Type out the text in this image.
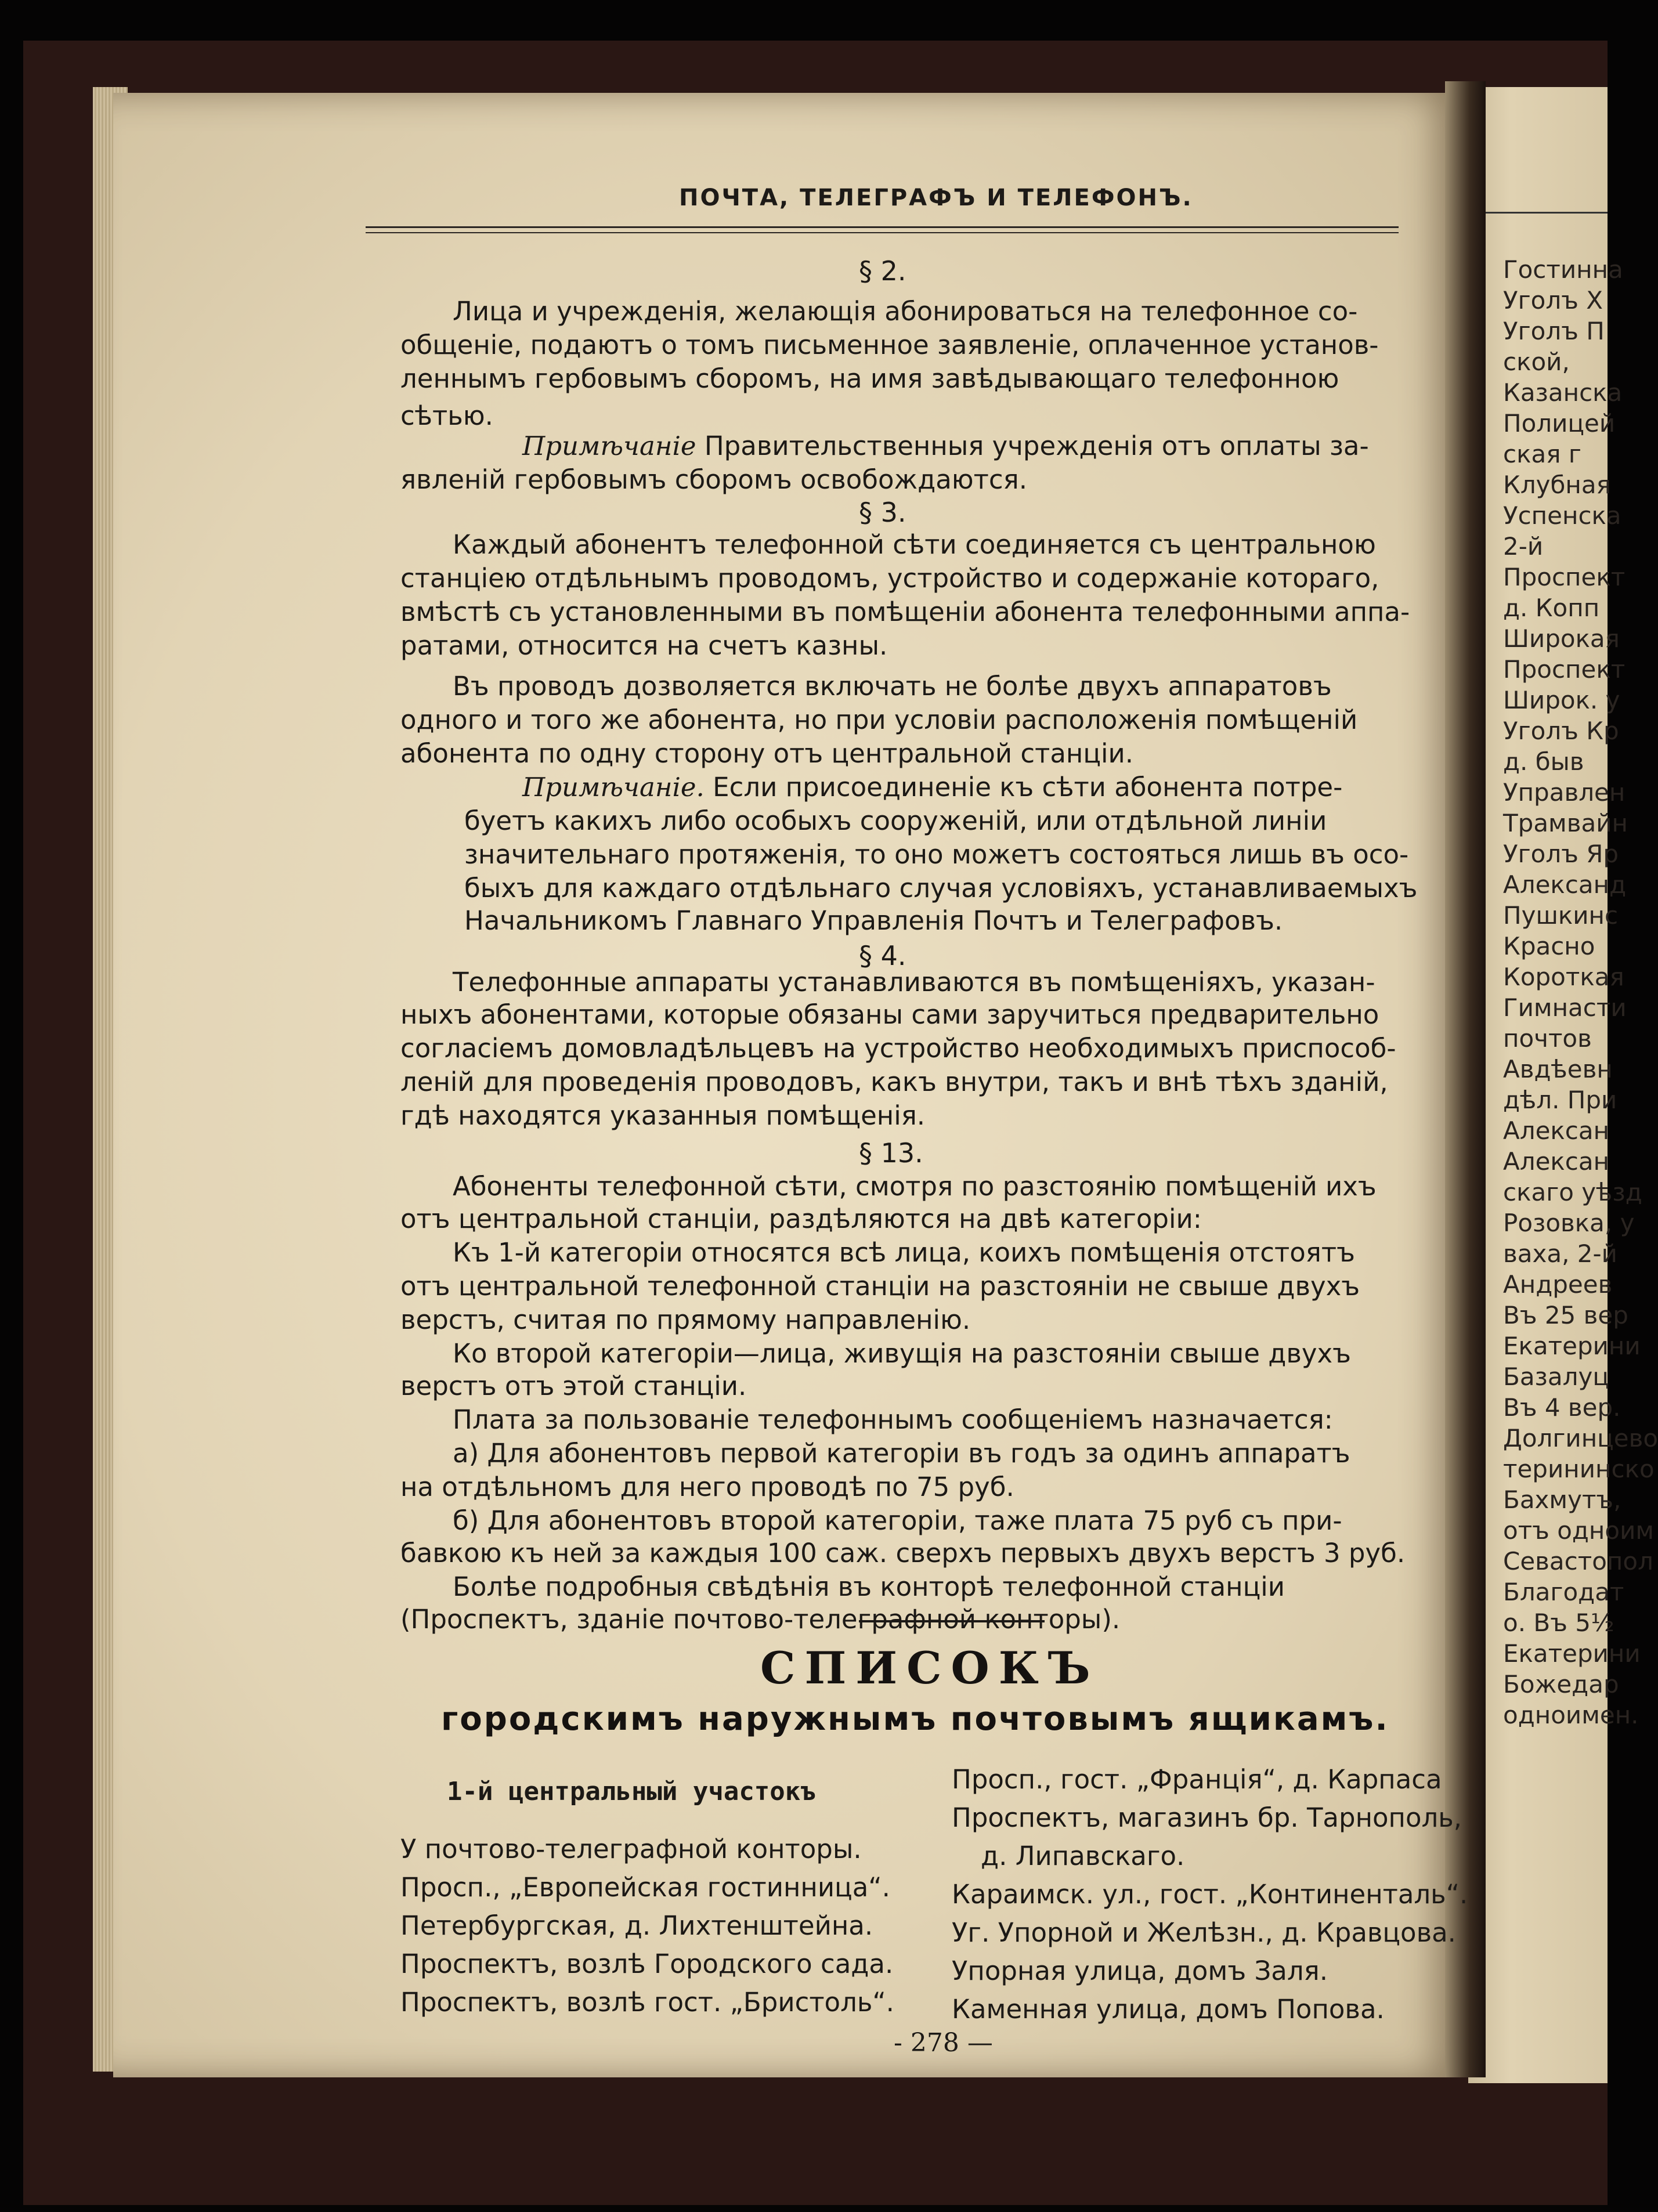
Гостинна
Уголъ Х
Уголъ П
ской,
Казанска
Полицей
ская г
Клубная
Успенска
2-й
Проспект
д. Копп
Широкая
Проспект
Широк. у
Уголъ Кр
д. быв
Управлен
Трамвайн
Уголъ Яр
Александ
Пушкинс
Красно
Короткая
Гимнасти
почтов
Авдѣевн
дѣл. При
Алексан
Алексан
скаго уѣзд
Розовка, у
ваха, 2-й
Андреев
Въ 25 вер
Екатерини
Базалуц
Въ 4 вер.
Долгинцево
терининско
Бахмутъ,
отъ одноим
Севастопол
Благодат
о. Въ 5½
Екатерини
Божедар
одноимен.
ПОЧТА, ТЕЛЕГРАФЪ И ТЕЛЕФОНЪ.
§ 2.
Лица и учрежденія, желающія абонироваться на телефонное со-
общеніе, подаютъ о томъ письменное заявленіе, оплаченное установ-
леннымъ гербовымъ сборомъ, на имя завѣдывающаго телефонною
сѣтью.
Примѣчаніе Правительственныя учрежденія отъ оплаты за-
явленій гербовымъ сборомъ освобождаются.
§ 3.
Каждый абонентъ телефонной сѣти соединяется съ центральною
станціею отдѣльнымъ проводомъ, устройство и содержаніе котораго,
вмѣстѣ съ установленными въ помѣщеніи абонента телефонными аппа-
ратами, относится на счетъ казны.
Въ проводъ дозволяется включать не болѣе двухъ аппаратовъ
одного и того же абонента, но при условіи расположенія помѣщеній
абонента по одну сторону отъ центральной станціи.
Примѣчаніе. Если присоединеніе къ сѣти абонента потре-
буетъ какихъ либо особыхъ сооруженій, или отдѣльной линіи
значительнаго протяженія, то оно можетъ состояться лишь въ осо-
быхъ для каждаго отдѣльнаго случая условіяхъ, устанавливаемыхъ
Начальникомъ Главнаго Управленія Почтъ и Телеграфовъ.
§ 4.
Телефонные аппараты устанавливаются въ помѣщеніяхъ, указан-
ныхъ абонентами, которые обязаны сами заручиться предварительно
согласіемъ домовладѣльцевъ на устройство необходимыхъ приспособ-
леній для проведенія проводовъ, какъ внутри, такъ и внѣ тѣхъ зданій,
гдѣ находятся указанныя помѣщенія.
§ 13.
Абоненты телефонной сѣти, смотря по разстоянію помѣщеній ихъ
отъ центральной станціи, раздѣляются на двѣ категоріи:
Къ 1-й категоріи относятся всѣ лица, коихъ помѣщенія отстоятъ
отъ центральной телефонной станціи на разстояніи не свыше двухъ
верстъ, считая по прямому направленію.
Ко второй категоріи—лица, живущія на разстояніи свыше двухъ
верстъ отъ этой станціи.
Плата за пользованіе телефоннымъ сообщеніемъ назначается:
а) Для абонентовъ первой категоріи въ годъ за одинъ аппаратъ
на отдѣльномъ для него проводѣ по 75 руб.
б) Для абонентовъ второй категоріи, таже плата 75 руб съ при-
бавкою къ ней за каждыя 100 саж. сверхъ первыхъ двухъ верстъ 3 руб.
Болѣе подробныя свѣдѣнія въ конторѣ телефонной станціи
(Проспектъ, зданіе почтово-телеграфной конторы).
СПИСОКЪ
городскимъ наружнымъ почтовымъ ящикамъ.
1-й центральный участокъ
У почтово-телеграфной конторы.
Просп., „Европейская гостинница“.
Петербургская, д. Лихтенштейна.
Проспектъ, возлѣ Городского сада.
Проспектъ, возлѣ гост. „Бристоль“.
Просп., гост. „Франція“, д. Карпаса
Проспектъ, магазинъ бр. Тарнополь,
д. Липавскаго.
Караимск. ул., гост. „Континенталь“.
Уг. Упорной и Желѣзн., д. Кравцова.
Упорная улица, домъ Заля.
Каменная улица, домъ Попова.
- 278 —
